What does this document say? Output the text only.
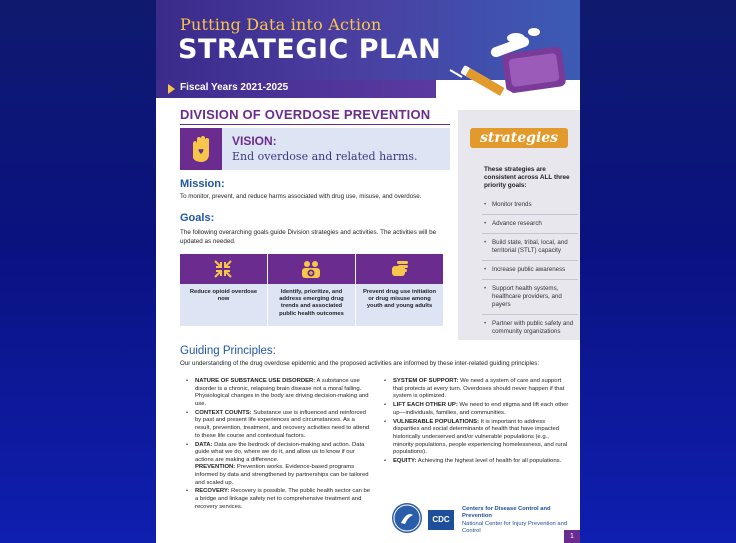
Putting Data into Action
STRATEGIC PLAN
Fiscal Years 2021-2025
strategies
These strategies are consistent across ALL three priority goals:
• Monitor trends
• Advance research
• Build state, tribal, local, and territorial (STLT) capacity
• Increase public awareness
• Support health systems, healthcare providers, and payers
• Partner with public safety and community organizations
DIVISION OF OVERDOSE PREVENTION
VISION:
End overdose and related harms.
Mission:
To monitor, prevent, and reduce harms associated with drug use, misuse, and overdose.
Goals:
The following overarching goals guide Division strategies and activities. The activities will be updated as needed.
Reduce opioid overdose now
Identify, prioritize, and address emerging drug trends and associated public health outcomes
Prevent drug use initiation or drug misuse among youth and young adults
Guiding Principles:
Our understanding of the drug overdose epidemic and the proposed activities are informed by these inter-related guiding principles:
• NATURE OF SUBSTANCE USE DISORDER: A substance use disorder is a chronic, relapsing brain disease not a moral failing. Physiological changes in the body are driving decision-making and use.
• CONTEXT COUNTS: Substance use is influenced and reinforced by past and present life experiences and circumstances. As a result, prevention, treatment, and recovery activities need to attend to these life course and contextual factors.
• DATA: Data are the bedrock of decision-making and action. Data guide what we do, where we do it, and allow us to know if our actions are making a difference.
PREVENTION: Prevention works. Evidence-based programs informed by data and strengthened by partnerships can be tailored and scaled up.
• RECOVERY: Recovery is possible. The public health sector can be a bridge and linkage safety net to comprehensive treatment and recovery services.
• SYSTEM OF SUPPORT: We need a system of care and support that protects at every turn. Overdoses should never happen if that system is optimized.
• LIFT EACH OTHER UP: We need to end stigma and lift each other up—individuals, families, and communities.
• VULNERABLE POPULATIONS: It is important to address disparities and social determinants of health that have impacted historically underserved and/or vulnerable populations (e.g., minority populations, people experiencing homelessness, and rural populations).
• EQUITY: Achieving the highest level of health for all populations.
CDC
Centers for Disease Control and Prevention
National Center for Injury Prevention and Control
1
